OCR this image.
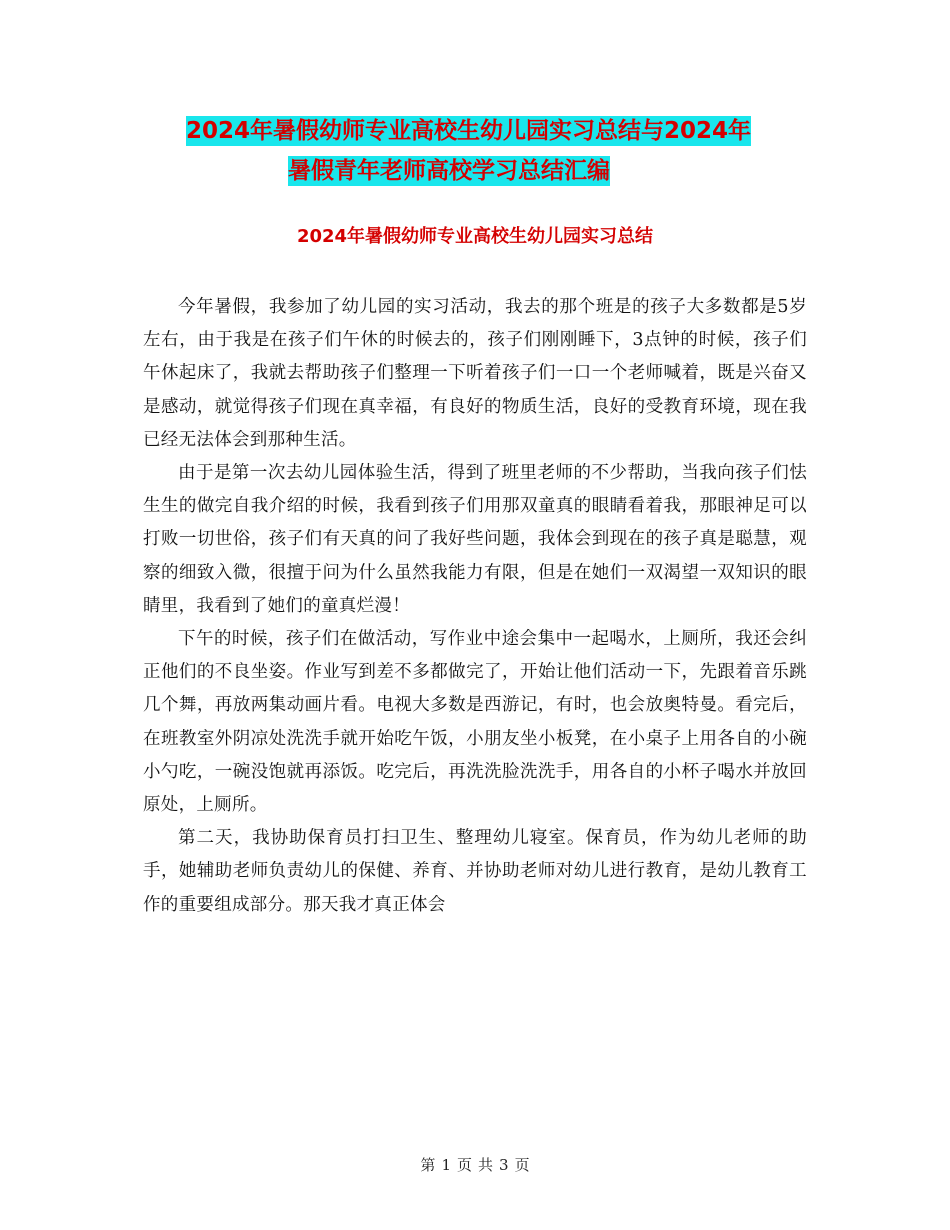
2024年暑假幼师专业高校生幼儿园实习总结与2024年
暑假青年老师高校学习总结汇编
2024年暑假幼师专业高校生幼儿园实习总结

今年暑假，我参加了幼儿园的实习活动，我去的那个班是的孩子大多数都是5岁左右，由于我是在孩子们午休的时候去的，孩子们刚刚睡下，3点钟的时候，孩子们午休起床了，我就去帮助孩子们整理一下听着孩子们一口一个老师喊着，既是兴奋又是感动，就觉得孩子们现在真幸福，有良好的物质生活，良好的受教育环境，现在我已经无法体会到那种生活。

由于是第一次去幼儿园体验生活，得到了班里老师的不少帮助，当我向孩子们怯生生的做完自我介绍的时候，我看到孩子们用那双童真的眼睛看着我，那眼神足可以打败一切世俗，孩子们有天真的问了我好些问题，我体会到现在的孩子真是聪慧，观察的细致入微，很擅于问为什么虽然我能力有限，但是在她们一双渴望一双知识的眼睛里，我看到了她们的童真烂漫！

下午的时候，孩子们在做活动，写作业中途会集中一起喝水，上厕所，我还会纠正他们的不良坐姿。作业写到差不多都做完了，开始让他们活动一下，先跟着音乐跳几个舞，再放两集动画片看。电视大多数是西游记，有时，也会放奥特曼。看完后，在班教室外阴凉处洗洗手就开始吃午饭，小朋友坐小板凳，在小桌子上用各自的小碗小勺吃，一碗没饱就再添饭。吃完后，再洗洗脸洗洗手，用各自的小杯子喝水并放回原处，上厕所。

第二天，我协助保育员打扫卫生、整理幼儿寝室。保育员，作为幼儿老师的助手，她辅助老师负责幼儿的保健、养育、并协助老师对幼儿进行教育，是幼儿教育工作的重要组成部分。那天我才真正体会

第 1 页 共 3 页
